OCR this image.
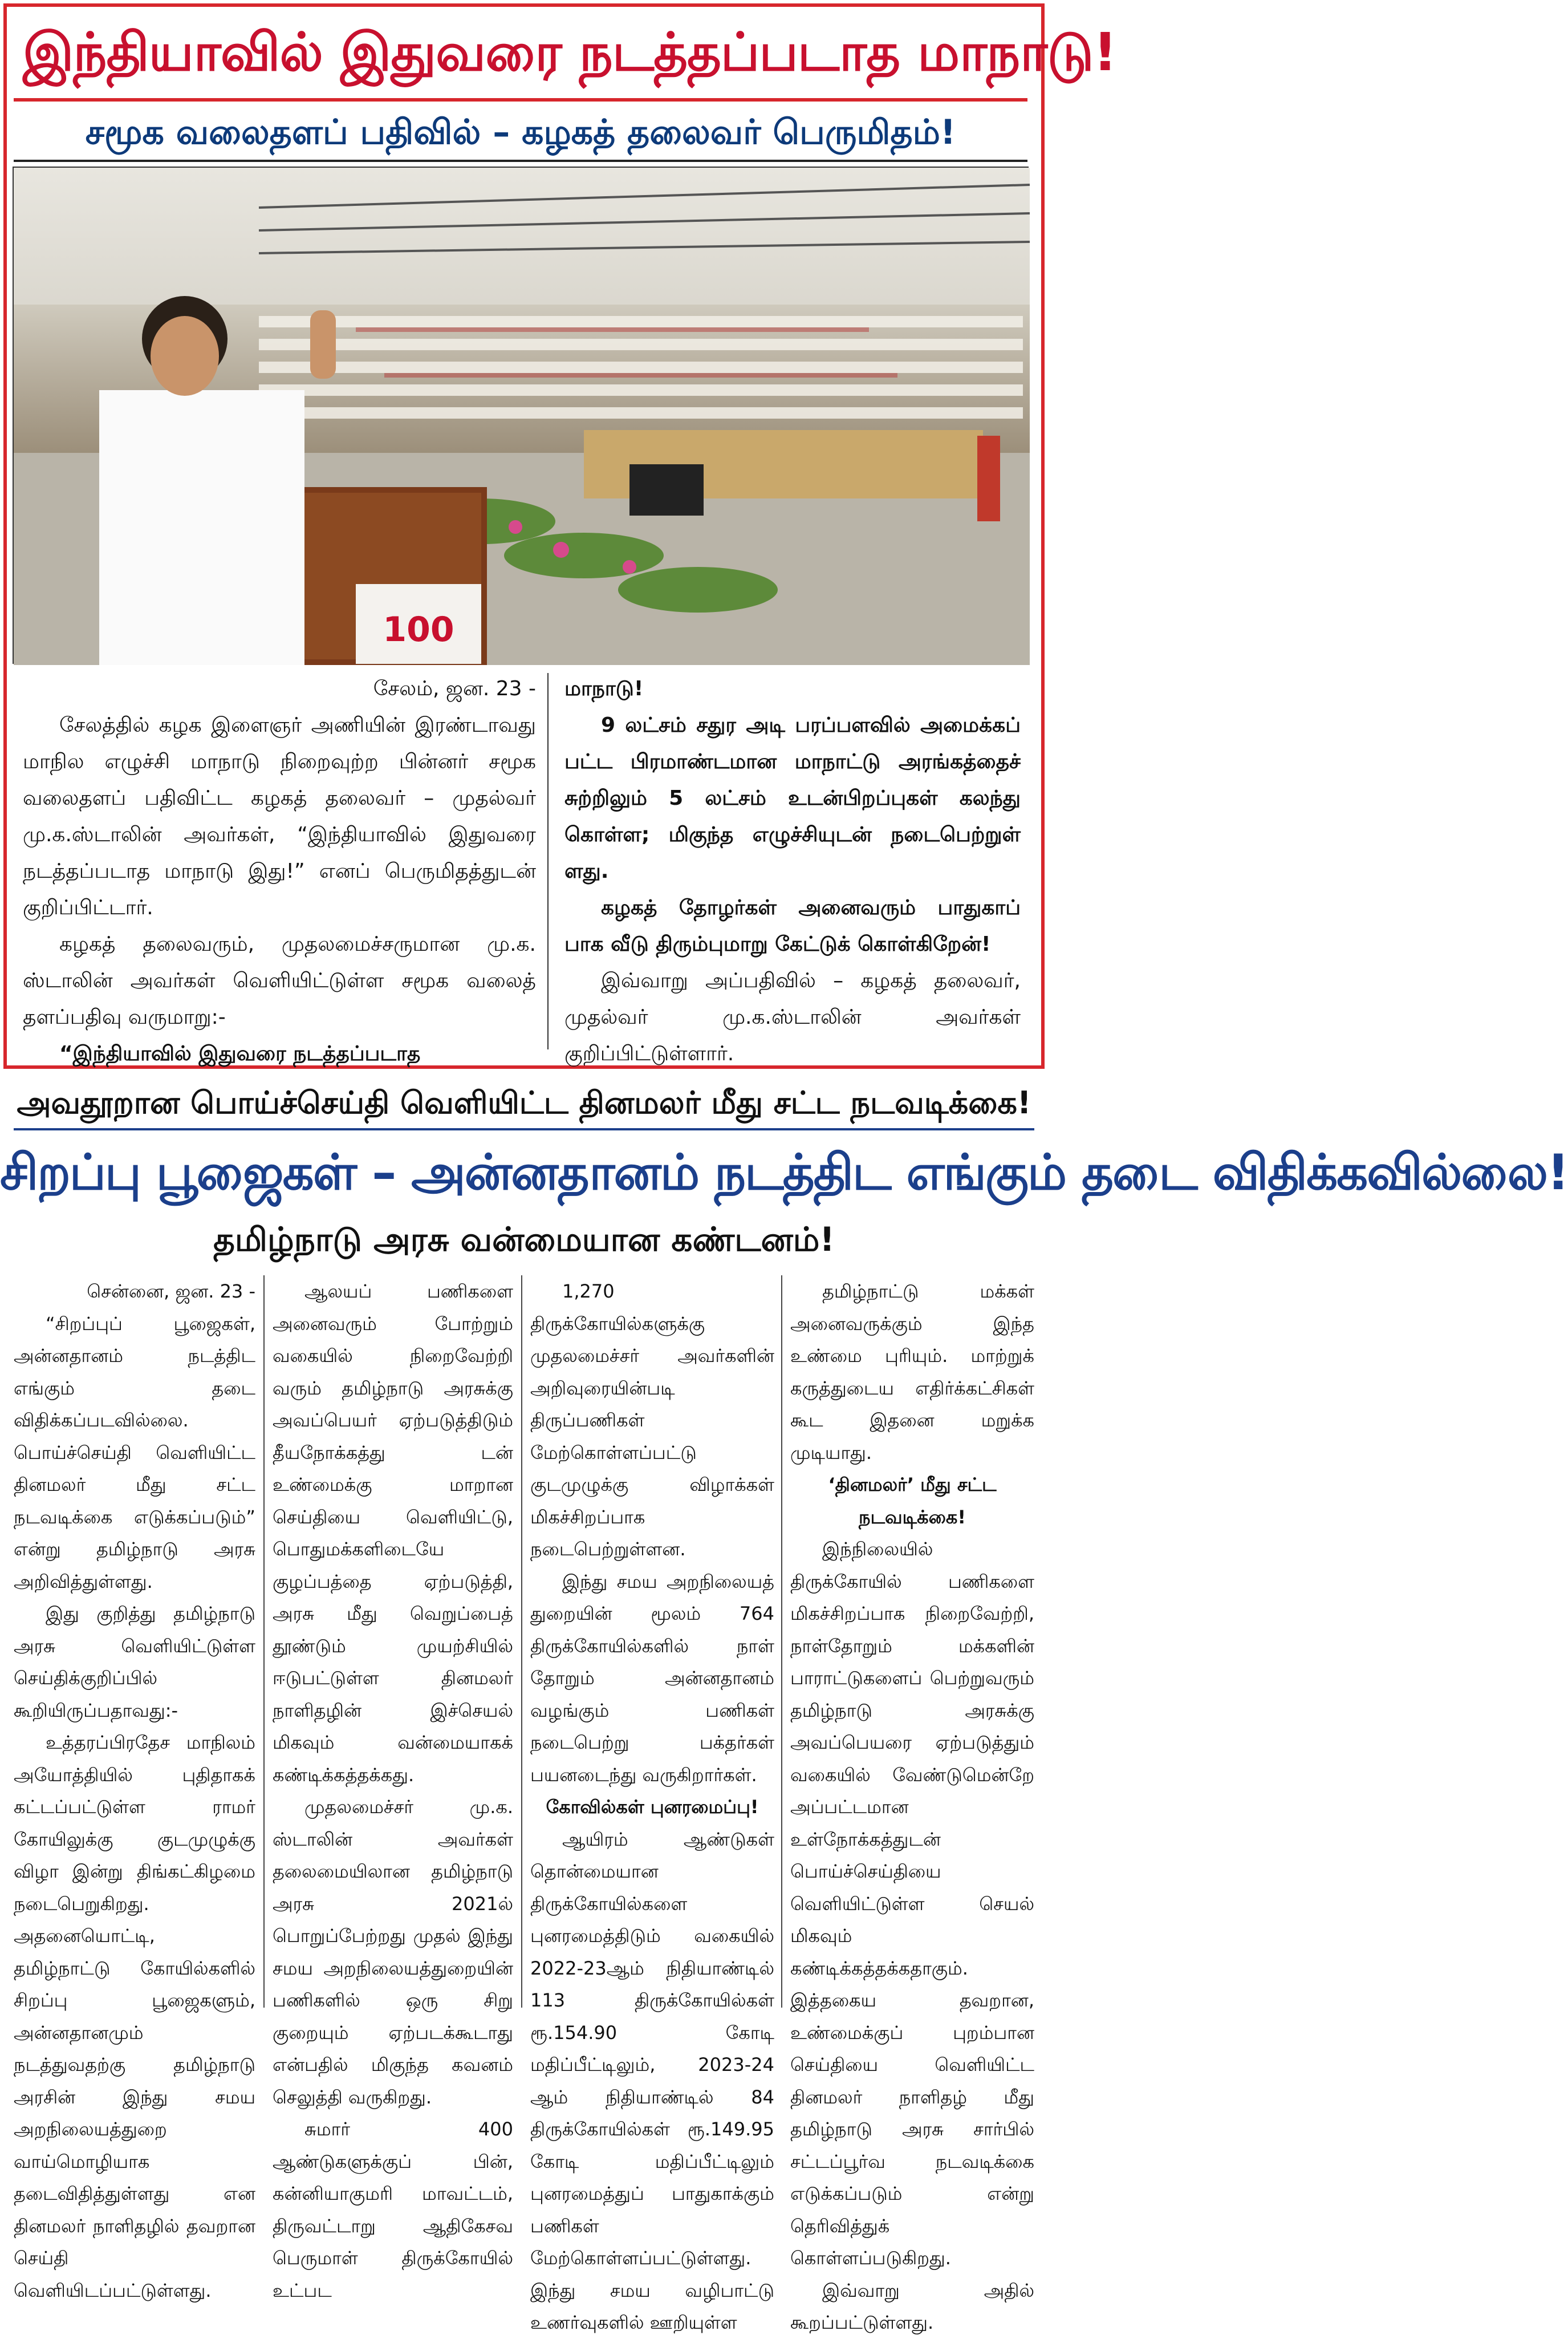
இந்தியாவில் இதுவரை நடத்தப்படாத மாநாடு!
சமூக வலைதளப் பதிவில் – கழகத் தலைவர் பெருமிதம்!
100

சேலம், ஜன. 23 -

சேலத்தில் கழக இளைஞர் அணியின் இரண்டாவது மாநில எழுச்சி மாநாடு நிறைவுற்ற பின்னர் சமூக வலைதளப் பதிவிட்ட கழகத் தலைவர் – முதல்வர் மு.க.ஸ்டாலின் அவர்கள், “இந்தியாவில் இதுவரை நடத்தப்படாத மாநாடு இது!” எனப் பெருமிதத்துடன் குறிப்பிட்டார்.

கழகத் தலைவரும், முதலமைச்சருமான மு.க. ஸ்டாலின் அவர்கள் வெளியிட்டுள்ள சமூக வலைத் தளப்பதிவு வருமாறு:-

“இந்தியாவில் இதுவரை நடத்தப்படாத

மாநாடு!

9 லட்சம் சதுர அடி பரப்பளவில் அமைக்கப் பட்ட பிரமாண்டமான மாநாட்டு அரங்கத்தைச் சுற்றிலும் 5 லட்சம் உடன்பிறப்புகள் கலந்து கொள்ள; மிகுந்த எழுச்சியுடன் நடைபெற்றுள் ளது.

கழகத் தோழர்கள் அனைவரும் பாதுகாப் பாக வீடு திரும்புமாறு கேட்டுக் கொள்கிறேன்!

இவ்வாறு அப்பதிவில் – கழகத் தலைவர், முதல்வர் மு.க.ஸ்டாலின் அவர்கள் குறிப்பிட்டுள்ளார்.

அவதூறான பொய்ச்செய்தி வெளியிட்ட தினமலர் மீது சட்ட நடவடிக்கை!
சிறப்பு பூஜைகள் – அன்னதானம் நடத்திட எங்கும் தடை விதிக்கவில்லை!
தமிழ்நாடு அரசு வன்மையான கண்டனம்!

சென்னை, ஜன. 23 -

“சிறப்புப் பூஜைகள், அன்னதானம் நடத்திட எங்கும் தடை விதிக்கப்படவில்லை. பொய்ச்செய்தி வெளியிட்ட தினமலர் மீது சட்ட நடவடிக்கை எடுக்கப்படும்” என்று தமிழ்நாடு அரசு அறிவித்துள்ளது.

இது குறித்து தமிழ்நாடு அரசு வெளியிட்டுள்ள செய்திக்குறிப்பில் கூறியிருப்பதாவது:-

உத்தரப்பிரதேச மாநிலம் அயோத்தியில் புதிதாகக் கட்டப்பட்டுள்ள ராமர் கோயிலுக்கு குடமுழுக்கு விழா இன்று திங்கட்கிழமை நடைபெறுகிறது. அதனையொட்டி, தமிழ்நாட்டு கோயில்களில் சிறப்பு பூஜைகளும், அன்னதானமும் நடத்துவதற்கு தமிழ்நாடு அரசின் இந்து சமய அறநிலையத்துறை வாய்மொழியாக தடைவிதித்துள்ளது என தினமலர் நாளிதழில் தவறான செய்தி வெளியிடப்பட்டுள்ளது.

ஆலயப் பணிகளை அனைவரும் போற்றும் வகையில் நிறைவேற்றி வரும் தமிழ்நாடு அரசுக்கு அவப்பெயர் ஏற்படுத்திடும் தீயநோக்கத்து டன் உண்மைக்கு மாறான செய்தியை வெளியிட்டு, பொதுமக்களிடையே குழப்பத்தை ஏற்படுத்தி, அரசு மீது வெறுப்பைத் தூண்டும் முயற்சியில் ஈடுபட்டுள்ள தினமலர் நாளிதழின் இச்செயல் மிகவும் வன்மையாகக் கண்டிக்கத்தக்கது.

முதலமைச்சர் மு.க. ஸ்டாலின் அவர்கள் தலைமையிலான தமிழ்நாடு அரசு 2021ல் பொறுப்பேற்றது முதல் இந்து சமய அறநிலையத்துறையின் பணிகளில் ஒரு சிறு குறையும் ஏற்படக்கூடாது என்பதில் மிகுந்த கவனம் செலுத்தி வருகிறது.

சுமார் 400 ஆண்டுகளுக்குப் பின், கன்னியாகுமரி மாவட்டம், திருவட்டாறு ஆதிகேசவ பெருமாள் திருக்கோயில் உட்பட

1,270 திருக்கோயில்களுக்கு முதலமைச்சர் அவர்களின் அறிவுரையின்படி திருப்பணிகள் மேற்கொள்ளப்பட்டு குடமுழுக்கு விழாக்கள் மிகச்சிறப்பாக நடைபெற்றுள்ளன.

இந்து சமய அறநிலையத் துறையின் மூலம் 764 திருக்கோயில்களில் நாள் தோறும் அன்னதானம் வழங்கும் பணிகள் நடைபெற்று பக்தர்கள் பயனடைந்து வருகிறார்கள்.

கோவில்கள் புனரமைப்பு!

ஆயிரம் ஆண்டுகள் தொன்மையான திருக்கோயில்களை புனரமைத்திடும் வகையில் 2022-23ஆம் நிதியாண்டில் 113 திருக்கோயில்கள் ரூ.154.90 கோடி மதிப்பீட்டிலும், 2023-24 ஆம் நிதியாண்டில் 84 திருக்கோயில்கள் ரூ.149.95 கோடி மதிப்பீட்டிலும் புனரமைத்துப் பாதுகாக்கும் பணிகள் மேற்கொள்ளப்பட்டுள்ளது. இந்து சமய வழிபாட்டு உணர்வுகளில் ஊறியுள்ள

தமிழ்நாட்டு மக்கள் அனைவருக்கும் இந்த உண்மை புரியும். மாற்றுக் கருத்துடைய எதிர்க்கட்சிகள் கூட இதனை மறுக்க முடியாது.

‘தினமலர்’ மீது சட்ட நடவடிக்கை!

இந்நிலையில் திருக்கோயில் பணிகளை மிகச்சிறப்பாக நிறைவேற்றி, நாள்தோறும் மக்களின் பாராட்டுகளைப் பெற்றுவரும் தமிழ்நாடு அரசுக்கு அவப்பெயரை ஏற்படுத்தும் வகையில் வேண்டுமென்றே அப்பட்டமான உள்நோக்கத்துடன் பொய்ச்செய்தியை வெளியிட்டுள்ள செயல் மிகவும் கண்டிக்கத்தக்கதாகும். இத்தகைய தவறான, உண்மைக்குப் புறம்பான செய்தியை வெளியிட்ட தினமலர் நாளிதழ் மீது தமிழ்நாடு அரசு சார்பில் சட்டப்பூர்வ நடவடிக்கை எடுக்கப்படும் என்று தெரிவித்துக் கொள்ளப்படுகிறது.

இவ்வாறு அதில் கூறப்பட்டுள்ளது.
